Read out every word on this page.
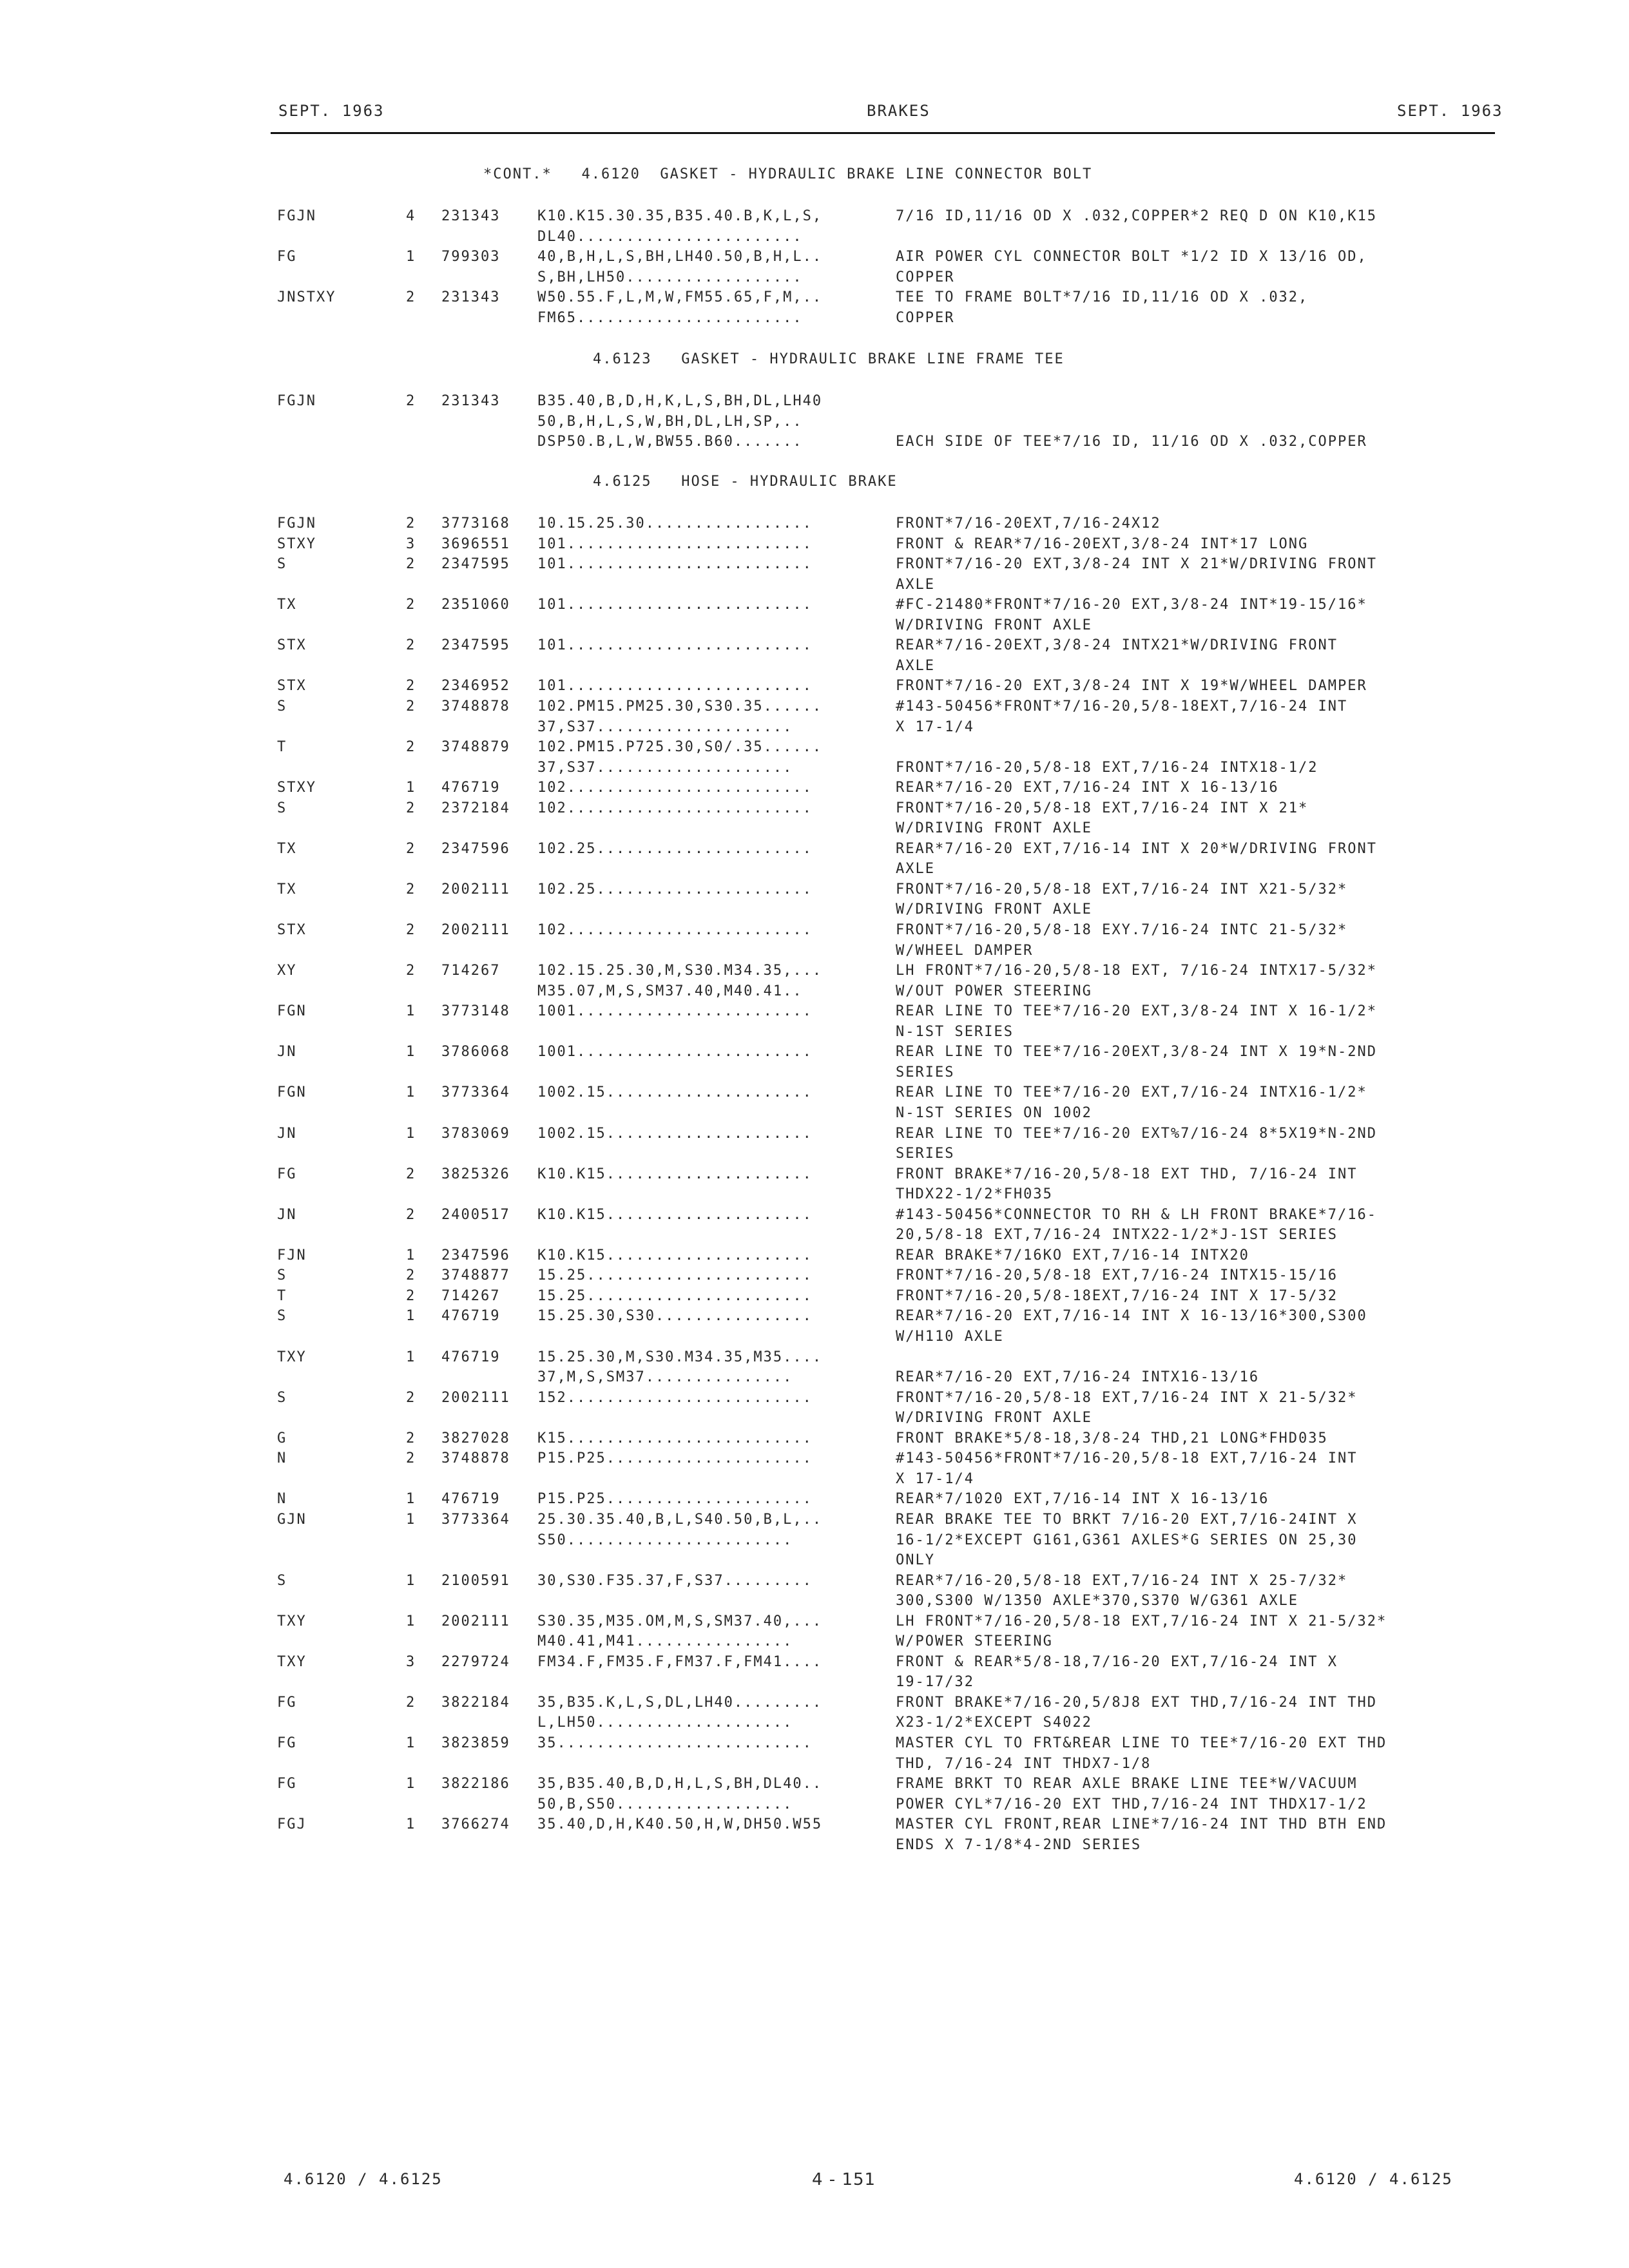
SEPT. 1963	BRAKES	SEPT. 1963
*CONT.*   4.6120  GASKET - HYDRAULIC BRAKE LINE CONNECTOR BOLT
4.6123   GASKET - HYDRAULIC BRAKE LINE FRAME TEE
4.6125   HOSE - HYDRAULIC BRAKE
FGJN	4 231343	K10.K15.30.35,B35.40.B,K,L,S,	7/16 ID,11/16 OD X .032,COPPER*2 REQ D ON K10,K15
DL40.......................
FG	1 799303	40,B,H,L,S,BH,LH40.50,B,H,L..	AIR POWER CYL CONNECTOR BOLT *1/2 ID X 13/16 OD,
S,BH,LH50..................	COPPER
JNSTXY	2 231343	W50.55.F,L,M,W,FM55.65,F,M,..	TEE TO FRAME BOLT*7/16 ID,11/16 OD X .032,
FM65.......................	COPPER
FGJN	2 231343	B35.40,B,D,H,K,L,S,BH,DL,LH40
50,B,H,L,S,W,BH,DL,LH,SP,..
DSP50.B,L,W,BW55.B60.......	EACH SIDE OF TEE*7/16 ID, 11/16 OD X .032,COPPER
FGJN	2 3773168 10.15.25.30.................	FRONT*7/16-20EXT,7/16-24X12
STXY	3 3696551 101.........................	FRONT & REAR*7/16-20EXT,3/8-24 INT*17 LONG
S	2 2347595 101.........................	FRONT*7/16-20 EXT,3/8-24 INT X 21*W/DRIVING FRONT
AXLE
TX	2 2351060 101.........................	#FC-21480*FRONT*7/16-20 EXT,3/8-24 INT*19-15/16*
W/DRIVING FRONT AXLE
STX	2 2347595 101.........................	REAR*7/16-20EXT,3/8-24 INTX21*W/DRIVING FRONT
AXLE
STX	2 2346952 101.........................	FRONT*7/16-20 EXT,3/8-24 INT X 19*W/WHEEL DAMPER
S	2 3748878 102.PM15.PM25.30,S30.35......	#143-50456*FRONT*7/16-20,5/8-18EXT,7/16-24 INT
37,S37....................	X 17-1/4
T	2 3748879 102.PM15.P725.30,S0/.35......
37,S37....................	FRONT*7/16-20,5/8-18 EXT,7/16-24 INTX18-1/2
STXY	1 476719	102.........................	REAR*7/16-20 EXT,7/16-24 INT X 16-13/16
S	2 2372184 102.........................	FRONT*7/16-20,5/8-18 EXT,7/16-24 INT X 21*
W/DRIVING FRONT AXLE
TX	2 2347596 102.25......................	REAR*7/16-20 EXT,7/16-14 INT X 20*W/DRIVING FRONT
AXLE
TX	2 2002111 102.25......................	FRONT*7/16-20,5/8-18 EXT,7/16-24 INT X21-5/32*
W/DRIVING FRONT AXLE
STX	2 2002111 102.........................	FRONT*7/16-20,5/8-18 EXY.7/16-24 INTC 21-5/32*
W/WHEEL DAMPER
XY	2 714267	102.15.25.30,M,S30.M34.35,...	LH FRONT*7/16-20,5/8-18 EXT, 7/16-24 INTX17-5/32*
M35.07,M,S,SM37.40,M40.41..	W/OUT POWER STEERING
FGN	1 3773148 1001........................	REAR LINE TO TEE*7/16-20 EXT,3/8-24 INT X 16-1/2*
N-1ST SERIES
JN	1 3786068 1001........................	REAR LINE TO TEE*7/16-20EXT,3/8-24 INT X 19*N-2ND
SERIES
FGN	1 3773364 1002.15.....................	REAR LINE TO TEE*7/16-20 EXT,7/16-24 INTX16-1/2*
N-1ST SERIES ON 1002
JN	1 3783069 1002.15.....................	REAR LINE TO TEE*7/16-20 EXT%7/16-24 8*5X19*N-2ND
SERIES
FG	2 3825326 K10.K15.....................	FRONT BRAKE*7/16-20,5/8-18 EXT THD, 7/16-24 INT
THDX22-1/2*FH035
JN	2 2400517 K10.K15.....................	#143-50456*CONNECTOR TO RH & LH FRONT BRAKE*7/16-
20,5/8-18 EXT,7/16-24 INTX22-1/2*J-1ST SERIES
FJN	1 2347596 K10.K15.....................	REAR BRAKE*7/16KO EXT,7/16-14 INTX20
S	2 3748877 15.25.......................	FRONT*7/16-20,5/8-18 EXT,7/16-24 INTX15-15/16
T	2 714267	15.25.......................	FRONT*7/16-20,5/8-18EXT,7/16-24 INT X 17-5/32
S	1 476719	15.25.30,S30................	REAR*7/16-20 EXT,7/16-14 INT X 16-13/16*300,S300
W/H110 AXLE
TXY	1 476719	15.25.30,M,S30.M34.35,M35....
37,M,S,SM37...............	REAR*7/16-20 EXT,7/16-24 INTX16-13/16
S	2 2002111 152.........................	FRONT*7/16-20,5/8-18 EXT,7/16-24 INT X 21-5/32*
W/DRIVING FRONT AXLE
G	2 3827028 K15.........................	FRONT BRAKE*5/8-18,3/8-24 THD,21 LONG*FHD035
N	2 3748878 P15.P25.....................	#143-50456*FRONT*7/16-20,5/8-18 EXT,7/16-24 INT
X 17-1/4
N	1 476719	P15.P25.....................	REAR*7/1020 EXT,7/16-14 INT X 16-13/16
GJN	1 3773364 25.30.35.40,B,L,S40.50,B,L,..	REAR BRAKE TEE TO BRKT 7/16-20 EXT,7/16-24INT X
S50.......................	16-1/2*EXCEPT G161,G361 AXLES*G SERIES ON 25,30
ONLY
S	1 2100591 30,S30.F35.37,F,S37.........	REAR*7/16-20,5/8-18 EXT,7/16-24 INT X 25-7/32*
300,S300 W/1350 AXLE*370,S370 W/G361 AXLE
TXY	1 2002111 S30.35,M35.OM,M,S,SM37.40,...	LH FRONT*7/16-20,5/8-18 EXT,7/16-24 INT X 21-5/32*
M40.41,M41................	W/POWER STEERING
TXY	3 2279724 FM34.F,FM35.F,FM37.F,FM41....	FRONT & REAR*5/8-18,7/16-20 EXT,7/16-24 INT X
19-17/32
FG	2 3822184 35,B35.K,L,S,DL,LH40.........	FRONT BRAKE*7/16-20,5/8J8 EXT THD,7/16-24 INT THD
L,LH50....................	X23-1/2*EXCEPT S4022
FG	1 3823859 35..........................	MASTER CYL TO FRT&REAR LINE TO TEE*7/16-20 EXT THD
THD, 7/16-24 INT THDX7-1/8
FG	1 3822186 35,B35.40,B,D,H,L,S,BH,DL40..	FRAME BRKT TO REAR AXLE BRAKE LINE TEE*W/VACUUM
50,B,S50..................	POWER CYL*7/16-20 EXT THD,7/16-24 INT THDX17-1/2
FGJ	1 3766274 35.40,D,H,K40.50,H,W,DH50.W55	MASTER CYL FRONT,REAR LINE*7/16-24 INT THD BTH END
ENDS X 7-1/8*4-2ND SERIES
4.6120 / 4.6125	4 - 151	4.6120 / 4.6125
